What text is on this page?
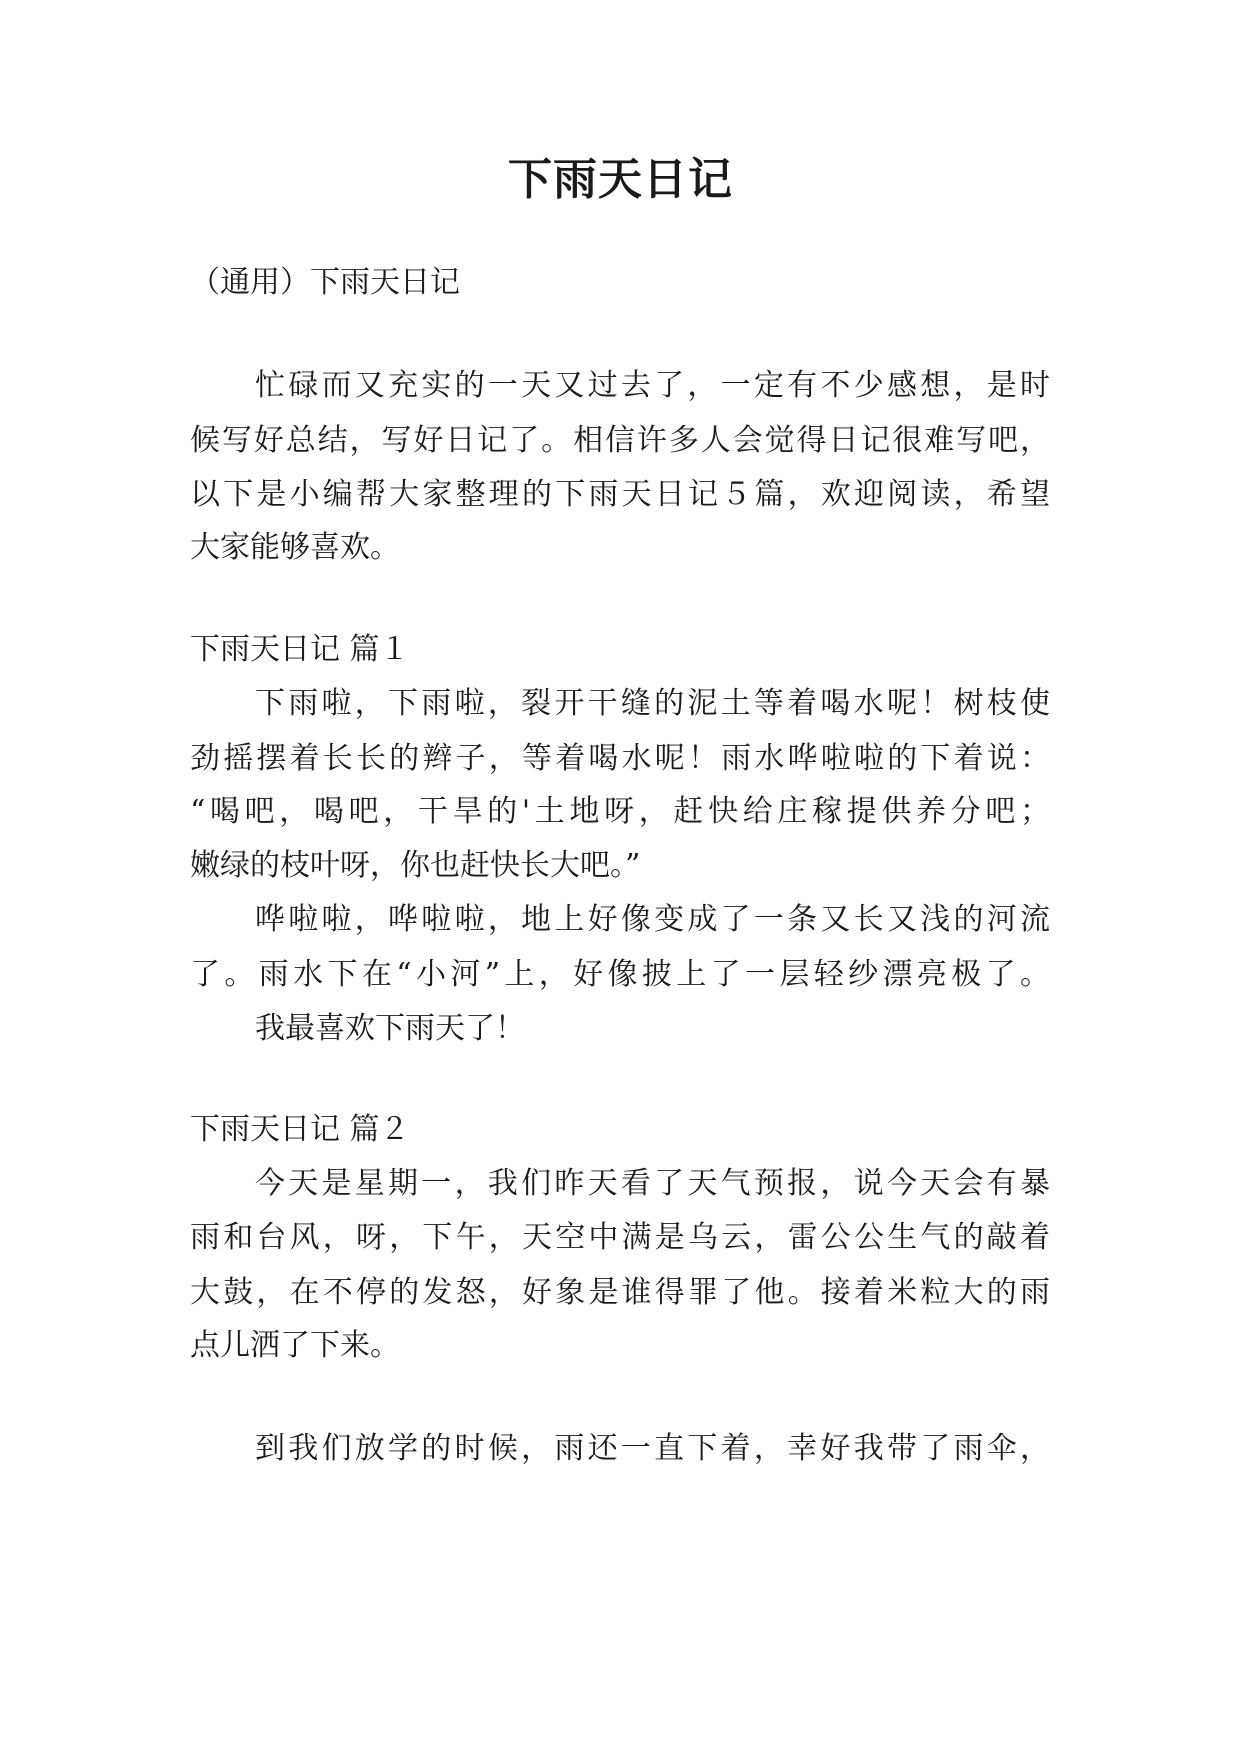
下雨天日记

（通用）下雨天日记

忙碌而又充实的一天又过去了，一定有不少感想，是时

候写好总结，写好日记了。相信许多人会觉得日记很难写吧，

以下是小编帮大家整理的下雨天日记５篇，欢迎阅读，希望

大家能够喜欢。

下雨天日记 篇１

下雨啦，下雨啦，裂开干缝的泥土等着喝水呢！树枝使

劲摇摆着长长的辫子，等着喝水呢！雨水哗啦啦的下着说：

“喝吧，喝吧，干旱的'土地呀，赶快给庄稼提供养分吧；

嫩绿的枝叶呀，你也赶快长大吧。”

哗啦啦，哗啦啦，地上好像变成了一条又长又浅的河流

了。雨水下在“小河”上，好像披上了一层轻纱漂亮极了。

我最喜欢下雨天了！

下雨天日记 篇２

今天是星期一，我们昨天看了天气预报，说今天会有暴

雨和台风，呀，下午，天空中满是乌云，雷公公生气的敲着

大鼓，在不停的发怒，好象是谁得罪了他。接着米粒大的雨

点儿洒了下来。

到我们放学的时候，雨还一直下着，幸好我带了雨伞，
